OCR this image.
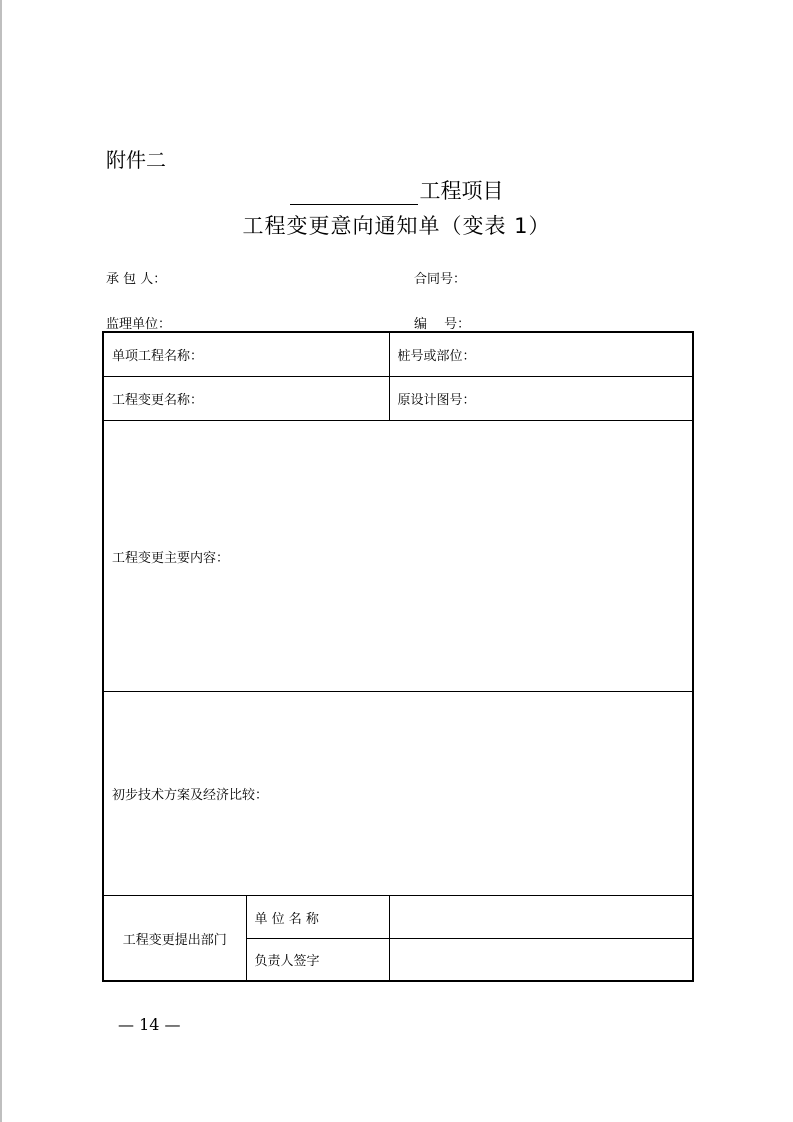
附件二
工程项目
工程变更意向通知单（变表 1）
承 包 人：	合同号：
监理单位：	编　 号：
单项工程名称：		桩号或部位：
工程变更名称：		原设计图号：
工程变更主要内容：		
初步技术方案及经济比较：		
工程变更提出部门	单 位 名 称	
	负责人签字	
— 14 —
